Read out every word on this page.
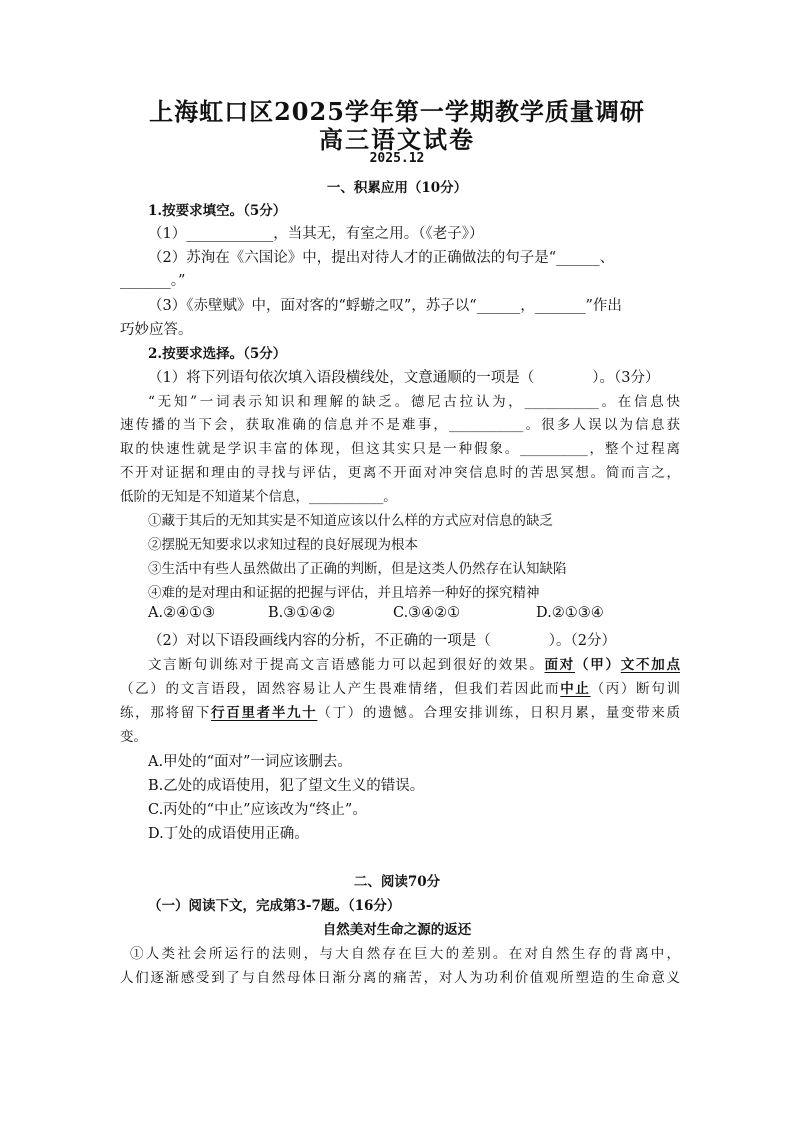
上海虹口区2025学年第一学期教学质量调研
高三语文试卷
2025.12
一、积累应用（10分）
1.按要求填空。（5分）
（1）____________，当其无，有室之用。（《老子》）
（2）苏洵在《六国论》中，提出对待人才的正确做法的句子是“______、
_______。”
（3）《赤壁赋》中，面对客的“蜉蝣之叹”，苏子以“______，_______”作出
巧妙应答。
2.按要求选择。（5分）
（1）将下列语句依次填入语段横线处，文意通顺的一项是（　　　　）。（3分）
“无知”一词表示知识和理解的缺乏。德尼古拉认为，___________。在信息快
速传播的当下会，获取准确的信息并不是难事，___________。很多人误以为信息获
取的快速性就是学识丰富的体现，但这其实只是一种假象。__________，整个过程离
不开对证据和理由的寻找与评估，更离不开面对冲突信息时的苦思冥想。简而言之，
低阶的无知是不知道某个信息，___________。
①藏于其后的无知其实是不知道应该以什么样的方式应对信息的缺乏
②摆脱无知要求以求知过程的良好展现为根本
③生活中有些人虽然做出了正确的判断，但是这类人仍然存在认知缺陷
④难的是对理由和证据的把握与评估，并且培养一种好的探究精神
A.②④①③	B.③①④②	C.③④②①	D.②①③④
（2）对以下语段画线内容的分析，不正确的一项是（　　　　）。（2分）
文言断句训练对于提高文言语感能力可以起到很好的效果。面对（甲）文不加点
（乙）的文言语段，固然容易让人产生畏难情绪，但我们若因此而中止（丙）断句训
练，那将留下行百里者半九十（丁）的遗憾。合理安排训练，日积月累，量变带来质
变。
A.甲处的“面对”一词应该删去。
B.乙处的成语使用，犯了望文生义的错误。
C.丙处的“中止”应该改为“终止”。
D.丁处的成语使用正确。
二、阅读70分
（一）阅读下文，完成第3-7题。（16分）
自然美对生命之源的返还
①人类社会所运行的法则，与大自然存在巨大的差别。在对自然生存的背离中，
人们逐渐感受到了与自然母体日渐分离的痛苦，对人为功利价值观所塑造的生命意义
